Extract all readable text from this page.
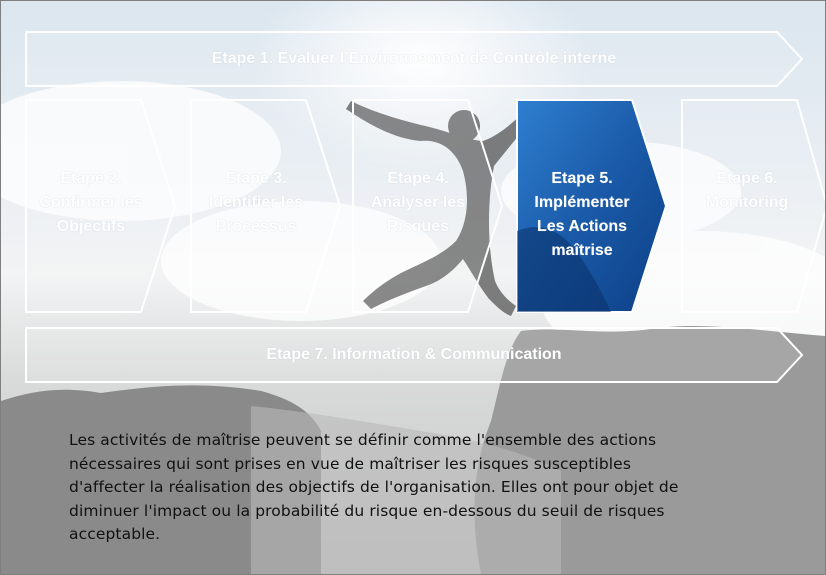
Etape 1. Evaluer l’Environnement de Contrôle interne
Etape 2.
Confirmer les
Objectifs
Etape 3.
Identifier les
Processus
Etape 4.
Analyser les
Risques
Etape 5.
Implémenter
Les Actions
maîtrise
Etape 6.
Monitoring
Etape 7. Information & Communication
Les activités de maîtrise peuvent se définir comme l'ensemble des actions
nécessaires qui sont prises en vue de maîtriser les risques susceptibles
d'affecter la réalisation des objectifs de l'organisation. Elles ont pour objet de
diminuer l'impact ou la probabilité du risque en-dessous du seuil de risques
acceptable.
